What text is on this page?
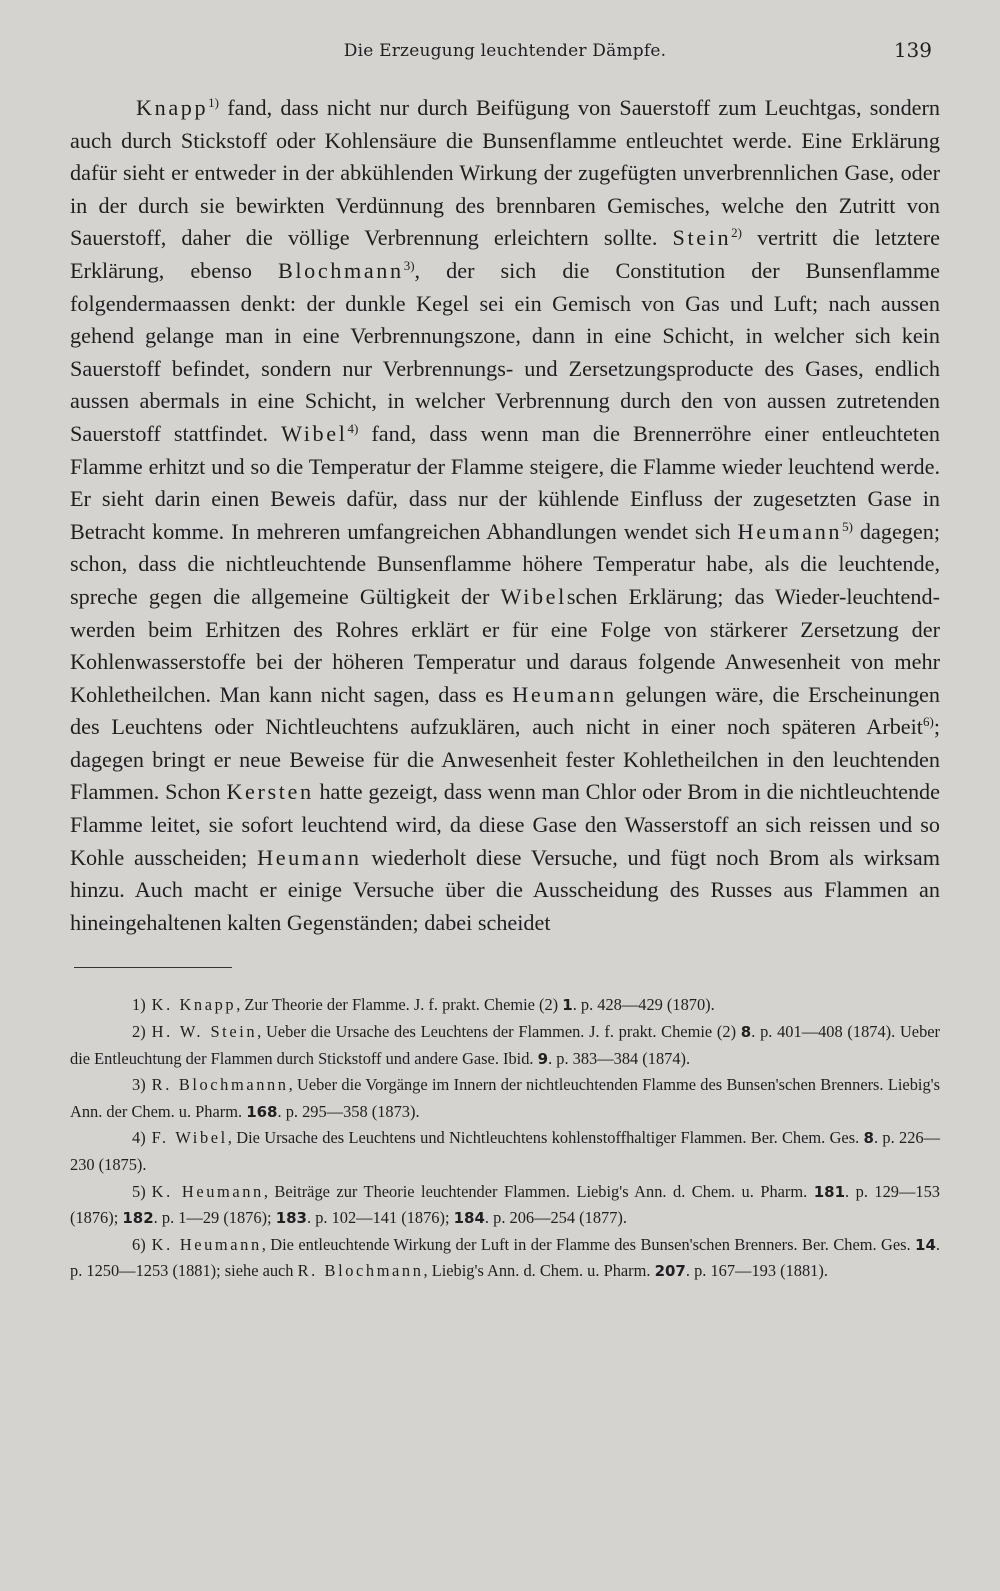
Die Erzeugung leuchtender Dämpfe.	139

Knapp$^{1)}$ fand, dass nicht nur durch Beifügung von Sauerstoff zum Leuchtgas, sondern auch durch Stickstoff oder Kohlensäure die Bunsenflamme entleuchtet werde. Eine Erklärung dafür sieht er entweder in der abkühlenden Wirkung der zugefügten unverbrennlichen Gase, oder in der durch sie bewirkten Verdünnung des brennbaren Gemisches, welche den Zutritt von Sauerstoff, daher die völlige Verbrennung erleichtern sollte. Stein$^{2)}$ vertritt die letztere Erklärung, ebenso Blochmann$^{3)}$, der sich die Constitution der Bunsenflamme folgendermaassen denkt: der dunkle Kegel sei ein Gemisch von Gas und Luft; nach aussen gehend gelange man in eine Verbrennungszone, dann in eine Schicht, in welcher sich kein Sauerstoff befindet, sondern nur Verbrennungs- und Zersetzungsproducte des Gases, endlich aussen abermals in eine Schicht, in welcher Verbrennung durch den von aussen zutretenden Sauerstoff stattfindet. Wibel$^{4)}$ fand, dass wenn man die Brennerröhre einer entleuchteten Flamme erhitzt und so die Temperatur der Flamme steigere, die Flamme wieder leuchtend werde. Er sieht darin einen Beweis dafür, dass nur der kühlende Einfluss der zugesetzten Gase in Betracht komme. In mehreren umfangreichen Abhandlungen wendet sich Heumann$^{5)}$ dagegen; schon, dass die nichtleuchtende Bunsenflamme höhere Temperatur habe, als die leuchtende, spreche gegen die allgemeine Gültigkeit der Wibelschen Erklärung; das Wieder-leuchtend-werden beim Erhitzen des Rohres erklärt er für eine Folge von stärkerer Zersetzung der Kohlenwasserstoffe bei der höheren Temperatur und daraus folgende Anwesenheit von mehr Kohletheilchen. Man kann nicht sagen, dass es Heumann gelungen wäre, die Erscheinungen des Leuchtens oder Nichtleuchtens aufzuklären, auch nicht in einer noch späteren Arbeit$^{6)}$; dagegen bringt er neue Beweise für die Anwesenheit fester Kohletheilchen in den leuchtenden Flammen. Schon Kersten hatte gezeigt, dass wenn man Chlor oder Brom in die nichtleuchtende Flamme leitet, sie sofort leuchtend wird, da diese Gase den Wasserstoff an sich reissen und so Kohle ausscheiden; Heumann wiederholt diese Versuche, und fügt noch Brom als wirksam hinzu. Auch macht er einige Versuche über die Ausscheidung des Russes aus Flammen an hineingehaltenen kalten Gegenständen; dabei scheidet

1) K. Knapp, Zur Theorie der Flamme. J. f. prakt. Chemie (2) 1. p. 428—429 (1870).

2) H. W. Stein, Ueber die Ursache des Leuchtens der Flammen. J. f. prakt. Chemie (2) 8. p. 401—408 (1874). Ueber die Entleuchtung der Flammen durch Stickstoff und andere Gase. Ibid. 9. p. 383—384 (1874).

3) R. Blochmannn, Ueber die Vorgänge im Innern der nichtleuchtenden Flamme des Bunsen'schen Brenners. Liebig's Ann. der Chem. u. Pharm. 168. p. 295—358 (1873).

4) F. Wibel, Die Ursache des Leuchtens und Nichtleuchtens kohlenstoffhaltiger Flammen. Ber. Chem. Ges. 8. p. 226—230 (1875).

5) K. Heumann, Beiträge zur Theorie leuchtender Flammen. Liebig's Ann. d. Chem. u. Pharm. 181. p. 129—153 (1876); 182. p. 1—29 (1876); 183. p. 102—141 (1876); 184. p. 206—254 (1877).

6) K. Heumann, Die entleuchtende Wirkung der Luft in der Flamme des Bunsen'schen Brenners. Ber. Chem. Ges. 14. p. 1250—1253 (1881); siehe auch R. Blochmann, Liebig's Ann. d. Chem. u. Pharm. 207. p. 167—193 (1881).
